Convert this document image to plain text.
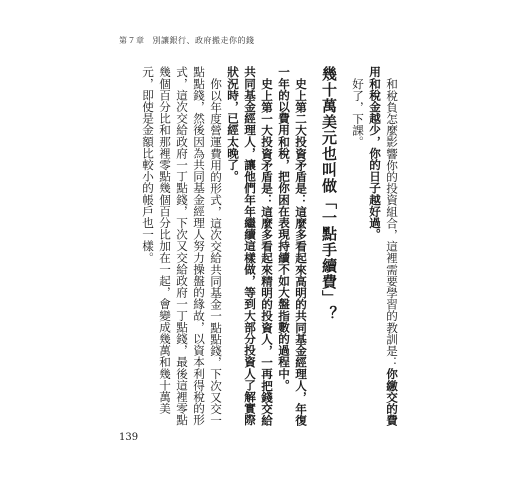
第７章 別讓銀行、政府搬走你的錢

和稅負怎麼影響你的投資組合，這裡需要學習的教訓是：你繳交的費用和稅金越少，你的日子越好過。

好了，下課。

幾十萬美元也叫做「一點手續費」？

史上第二大投資矛盾是：這麼多看起來高明的共同基金經理人，年復一年的以費用和稅，把你困在表現持續不如大盤指數的過程中。

史上第一大投資矛盾是：這麼多看起來精明的投資人，一再把錢交給共同基金經理人，讓他們年年繼續這樣做，等到大部分投資人了解實際狀況時，已經太晚了。

你以年度營運費用的形式，這次交給共同基金一點點錢，下次又交一點點錢，然後因為共同基金經理人努力操盤的緣故，以資本利得稅的形式，這次交給政府一丁點錢，下次又交給政府一丁點錢，最後這裡零點幾個百分比和那裡零點幾個百分比加在一起，會變成幾萬和幾十萬美元，即使是金額比較小的帳戶也一樣。

139
